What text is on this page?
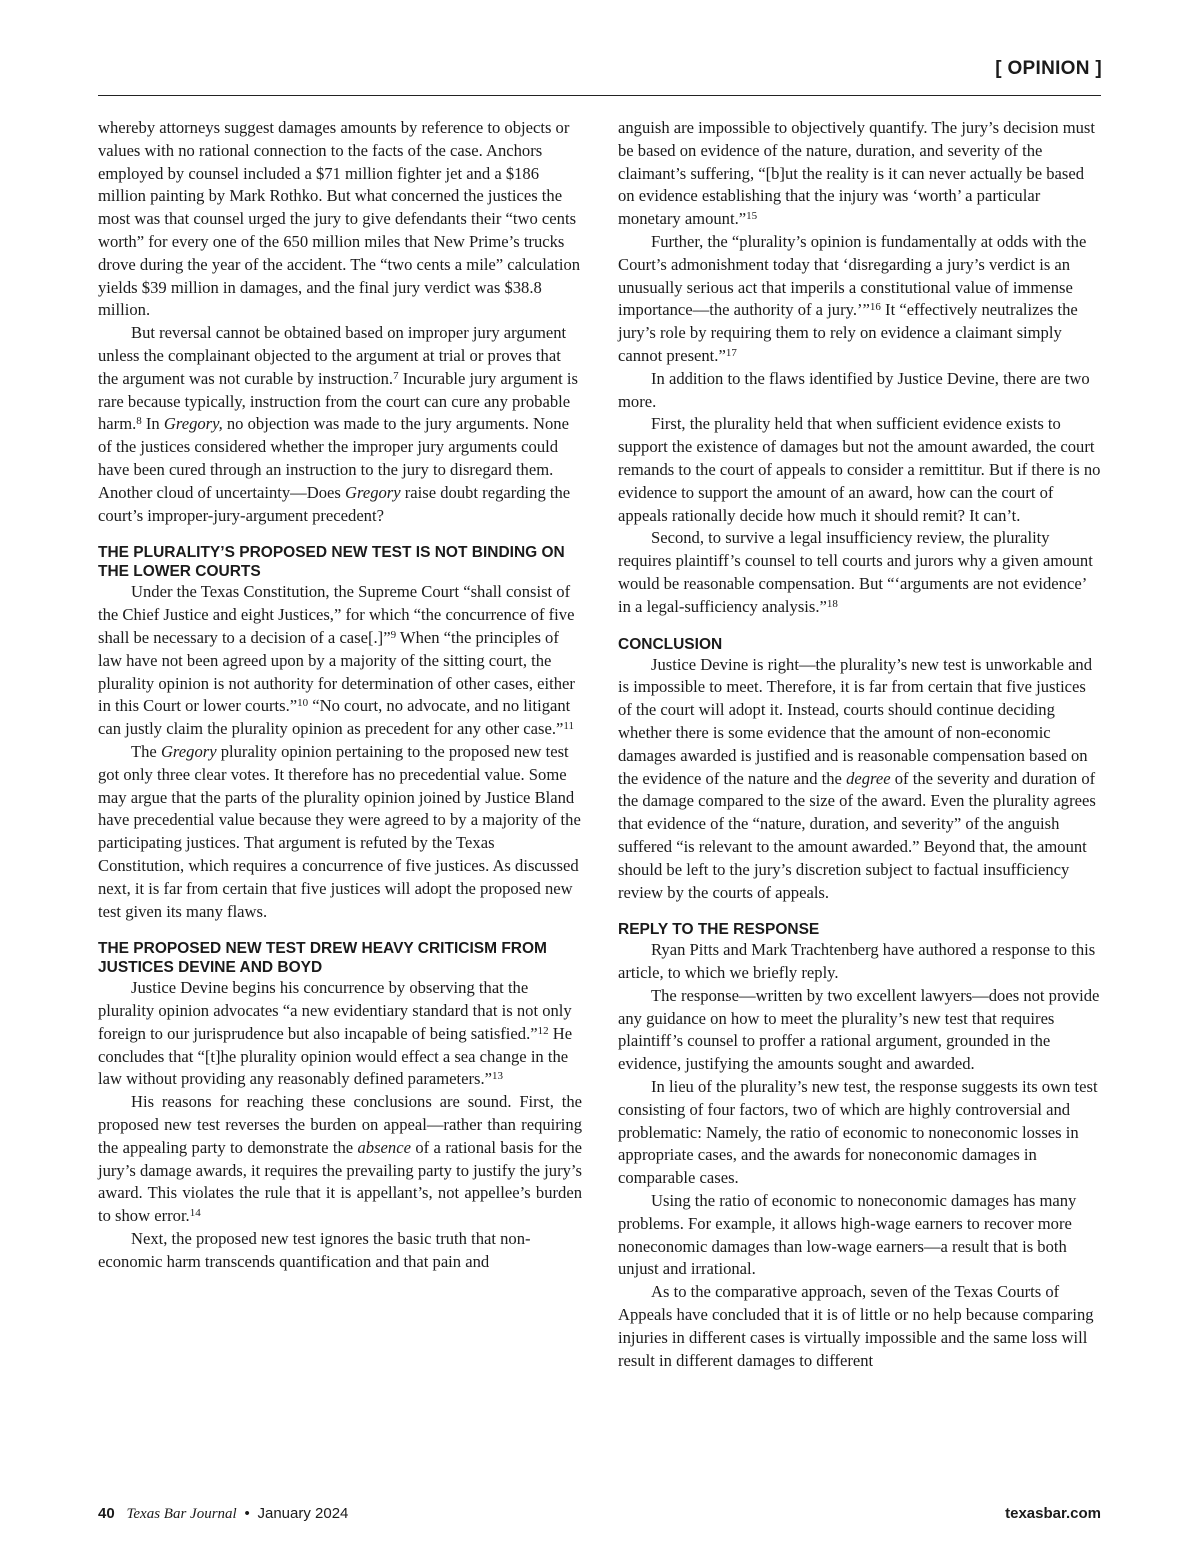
[ OPINION ]

whereby attorneys suggest damages amounts by reference to objects or values with no rational connection to the facts of the case. Anchors employed by counsel included a $71 million fighter jet and a $186 million painting by Mark Rothko. But what concerned the justices the most was that counsel urged the jury to give defendants their “two cents worth” for every one of the 650 million miles that New Prime’s trucks drove during the year of the accident. The “two cents a mile” calculation yields $39 million in damages, and the final jury verdict was $38.8 million.

But reversal cannot be obtained based on improper jury argument unless the complainant objected to the argument at trial or proves that the argument was not curable by instruction.$^7$ Incurable jury argument is rare because typically, instruction from the court can cure any probable harm.$^8$ In Gregory, no objection was made to the jury arguments. None of the justices considered whether the improper jury arguments could have been cured through an instruction to the jury to disregard them. Another cloud of uncertainty—Does Gregory raise doubt regarding the court’s improper-jury-argument precedent?

THE PLURALITY’S PROPOSED NEW TEST IS NOT BINDING ON THE LOWER COURTS

Under the Texas Constitution, the Supreme Court “shall consist of the Chief Justice and eight Justices,” for which “the concurrence of five shall be necessary to a decision of a case[.]”$^9$ When “the principles of law have not been agreed upon by a majority of the sitting court, the plurality opinion is not authority for determination of other cases, either in this Court or lower courts.”$^{10}$ “No court, no advocate, and no litigant can justly claim the plurality opinion as precedent for any other case.”$^{11}$

The Gregory plurality opinion pertaining to the proposed new test got only three clear votes. It therefore has no precedential value. Some may argue that the parts of the plurality opinion joined by Justice Bland have precedential value because they were agreed to by a majority of the participating justices. That argument is refuted by the Texas Constitution, which requires a concurrence of five justices. As discussed next, it is far from certain that five justices will adopt the proposed new test given its many flaws.

THE PROPOSED NEW TEST DREW HEAVY CRITICISM FROM JUSTICES DEVINE AND BOYD

Justice Devine begins his concurrence by observing that the plurality opinion advocates “a new evidentiary standard that is not only foreign to our jurisprudence but also incapable of being satisfied.”$^{12}$ He concludes that “[t]he plurality opinion would effect a sea change in the law without providing any reasonably defined parameters.”$^{13}$

His reasons for reaching these conclusions are sound. First, the proposed new test reverses the burden on appeal—rather than requiring the appealing party to demonstrate the absence of a rational basis for the jury’s damage awards, it requires the prevailing party to justify the jury’s award. This violates the rule that it is appellant’s, not appellee’s burden to show error.$^{14}$

Next, the proposed new test ignores the basic truth that non-economic harm transcends quantification and that pain and

anguish are impossible to objectively quantify. The jury’s decision must be based on evidence of the nature, duration, and severity of the claimant’s suffering, “[b]ut the reality is it can never actually be based on evidence establishing that the injury was ‘worth’ a particular monetary amount.”$^{15}$

Further, the “plurality’s opinion is fundamentally at odds with the Court’s admonishment today that ‘disregarding a jury’s verdict is an unusually serious act that imperils a constitutional value of immense importance—the authority of a jury.’”$^{16}$ It “effectively neutralizes the jury’s role by requiring them to rely on evidence a claimant simply cannot present.”$^{17}$

In addition to the flaws identified by Justice Devine, there are two more.

First, the plurality held that when sufficient evidence exists to support the existence of damages but not the amount awarded, the court remands to the court of appeals to consider a remittitur. But if there is no evidence to support the amount of an award, how can the court of appeals rationally decide how much it should remit? It can’t.

Second, to survive a legal insufficiency review, the plurality requires plaintiff’s counsel to tell courts and jurors why a given amount would be reasonable compensation. But “‘arguments are not evidence’ in a legal-sufficiency analysis.”$^{18}$

CONCLUSION

Justice Devine is right—the plurality’s new test is unworkable and is impossible to meet. Therefore, it is far from certain that five justices of the court will adopt it. Instead, courts should continue deciding whether there is some evidence that the amount of non-economic damages awarded is justified and is reasonable compensation based on the evidence of the nature and the degree of the severity and duration of the damage compared to the size of the award. Even the plurality agrees that evidence of the “nature, duration, and severity” of the anguish suffered “is relevant to the amount awarded.” Beyond that, the amount should be left to the jury’s discretion subject to factual insufficiency review by the courts of appeals.

REPLY TO THE RESPONSE

Ryan Pitts and Mark Trachtenberg have authored a response to this article, to which we briefly reply.

The response—written by two excellent lawyers—does not provide any guidance on how to meet the plurality’s new test that requires plaintiff’s counsel to proffer a rational argument, grounded in the evidence, justifying the amounts sought and awarded.

In lieu of the plurality’s new test, the response suggests its own test consisting of four factors, two of which are highly controversial and problematic: Namely, the ratio of economic to noneconomic losses in appropriate cases, and the awards for noneconomic damages in comparable cases.

Using the ratio of economic to noneconomic damages has many problems. For example, it allows high-wage earners to recover more noneconomic damages than low-wage earners—a result that is both unjust and irrational.

As to the comparative approach, seven of the Texas Courts of Appeals have concluded that it is of little or no help because comparing injuries in different cases is virtually impossible and the same loss will result in different damages to different

40 Texas Bar Journal • January 2024	texasbar.com
